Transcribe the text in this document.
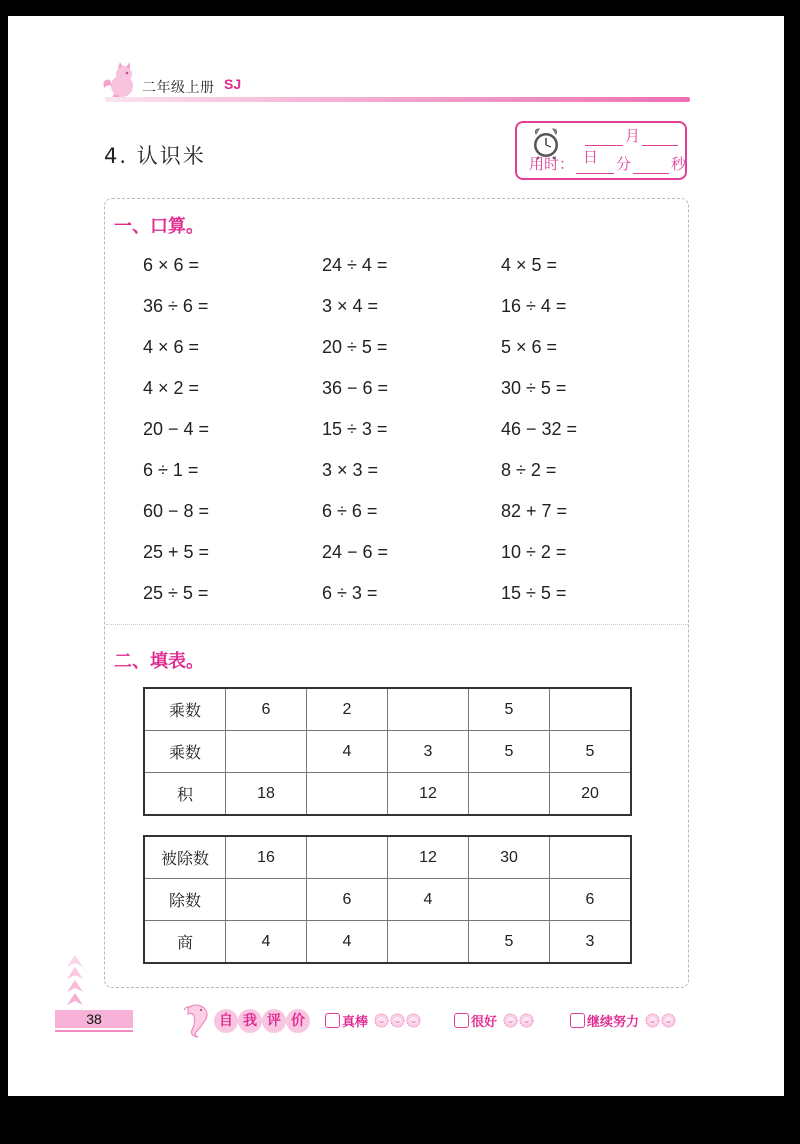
二年级上册 SJ
4. 认识米
月日
用时：	分	秒
一、口算。
6 × 6 =	24 ÷ 4 =	4 × 5 =
36 ÷ 6 =	3 × 4 =	16 ÷ 4 =
4 × 6 =	20 ÷ 5 =	5 × 6 =
4 × 2 =	36 − 6 =	30 ÷ 5 =
20 − 4 =	15 ÷ 3 =	46 − 32 =
6 ÷ 1 =	3 × 3 =	8 ÷ 2 =
60 − 8 =	6 ÷ 6 =	82 + 7 =
25 + 5 =	24 − 6 =	10 ÷ 2 =
25 ÷ 5 =	6 ÷ 3 =	15 ÷ 5 =
二、填表。
乘数	6	2		5	
乘数		4	3	5	5
积	18		12		20
被除数	16		12	30	
除数		6	4		6
商	4	4		5	3
38	自 我 评 价	真棒	很好	继续努力
